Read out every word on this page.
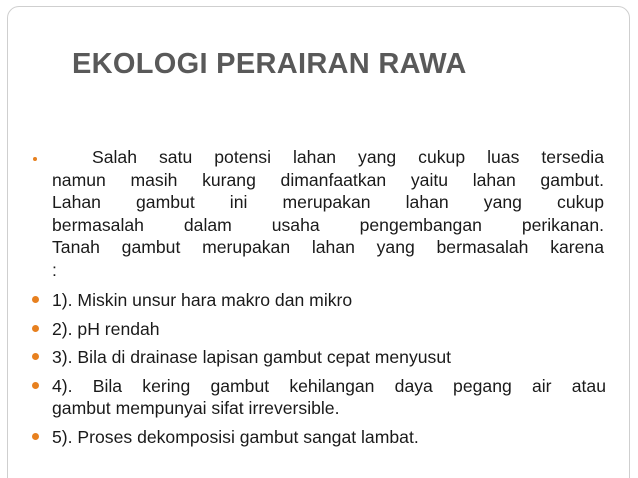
EKOLOGI PERAIRAN RAWA
Salah satu potensi lahan yang cukup luas tersedia
namun masih kurang dimanfaatkan yaitu lahan gambut.
Lahan gambut ini merupakan lahan yang cukup
bermasalah dalam usaha pengembangan perikanan.
Tanah gambut merupakan lahan yang bermasalah karena
:
1). Miskin unsur hara makro dan mikro
2). pH rendah
3). Bila di drainase lapisan gambut cepat menyusut
4). Bila kering gambut kehilangan daya pegang air atau
gambut mempunyai sifat irreversible.
5). Proses dekomposisi gambut sangat lambat.
